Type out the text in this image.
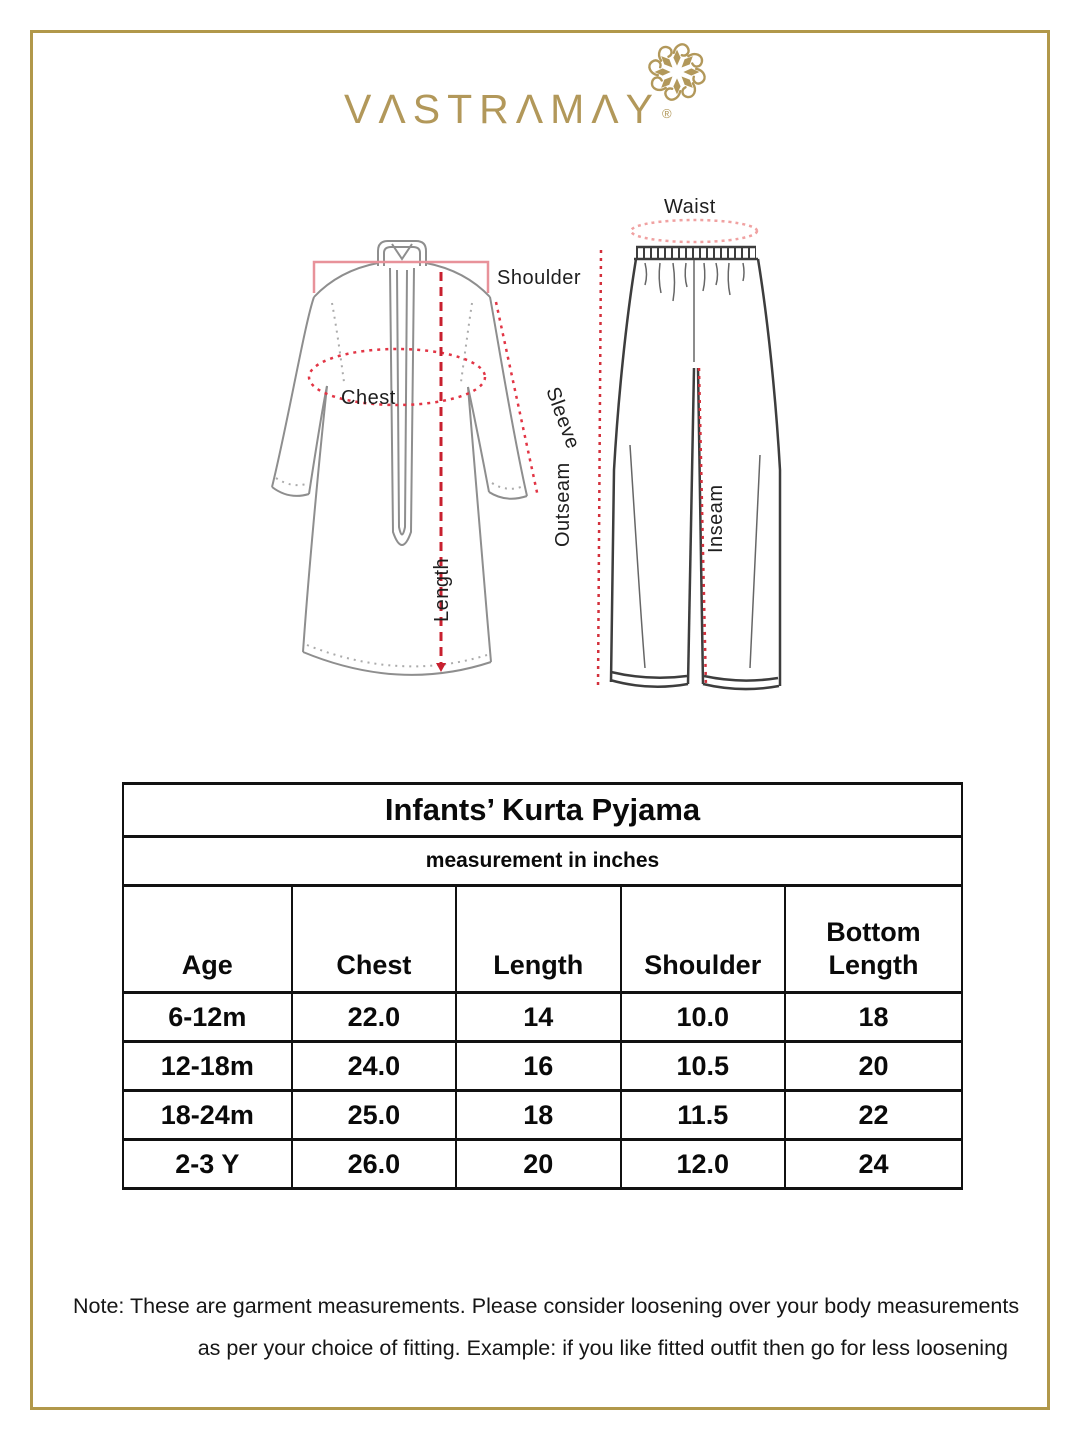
VΛSTRΛMΛY ®
Shoulder
Chest	Sleeve
Length
Waist
Outseam	Inseam
Infants’ Kurta Pyjama				
measurement in inches				
Age	Chest	Length	Shoulder	Bottom Length
6-12m	22.0	14	10.0	18
12-18m	24.0	16	10.5	20
18-24m	25.0	18	11.5	22
2-3 Y	26.0	20	12.0	24
Note: These are garment measurements. Please consider loosening over your body measurements
as per your choice of fitting. Example: if you like fitted outfit then go for less loosening
